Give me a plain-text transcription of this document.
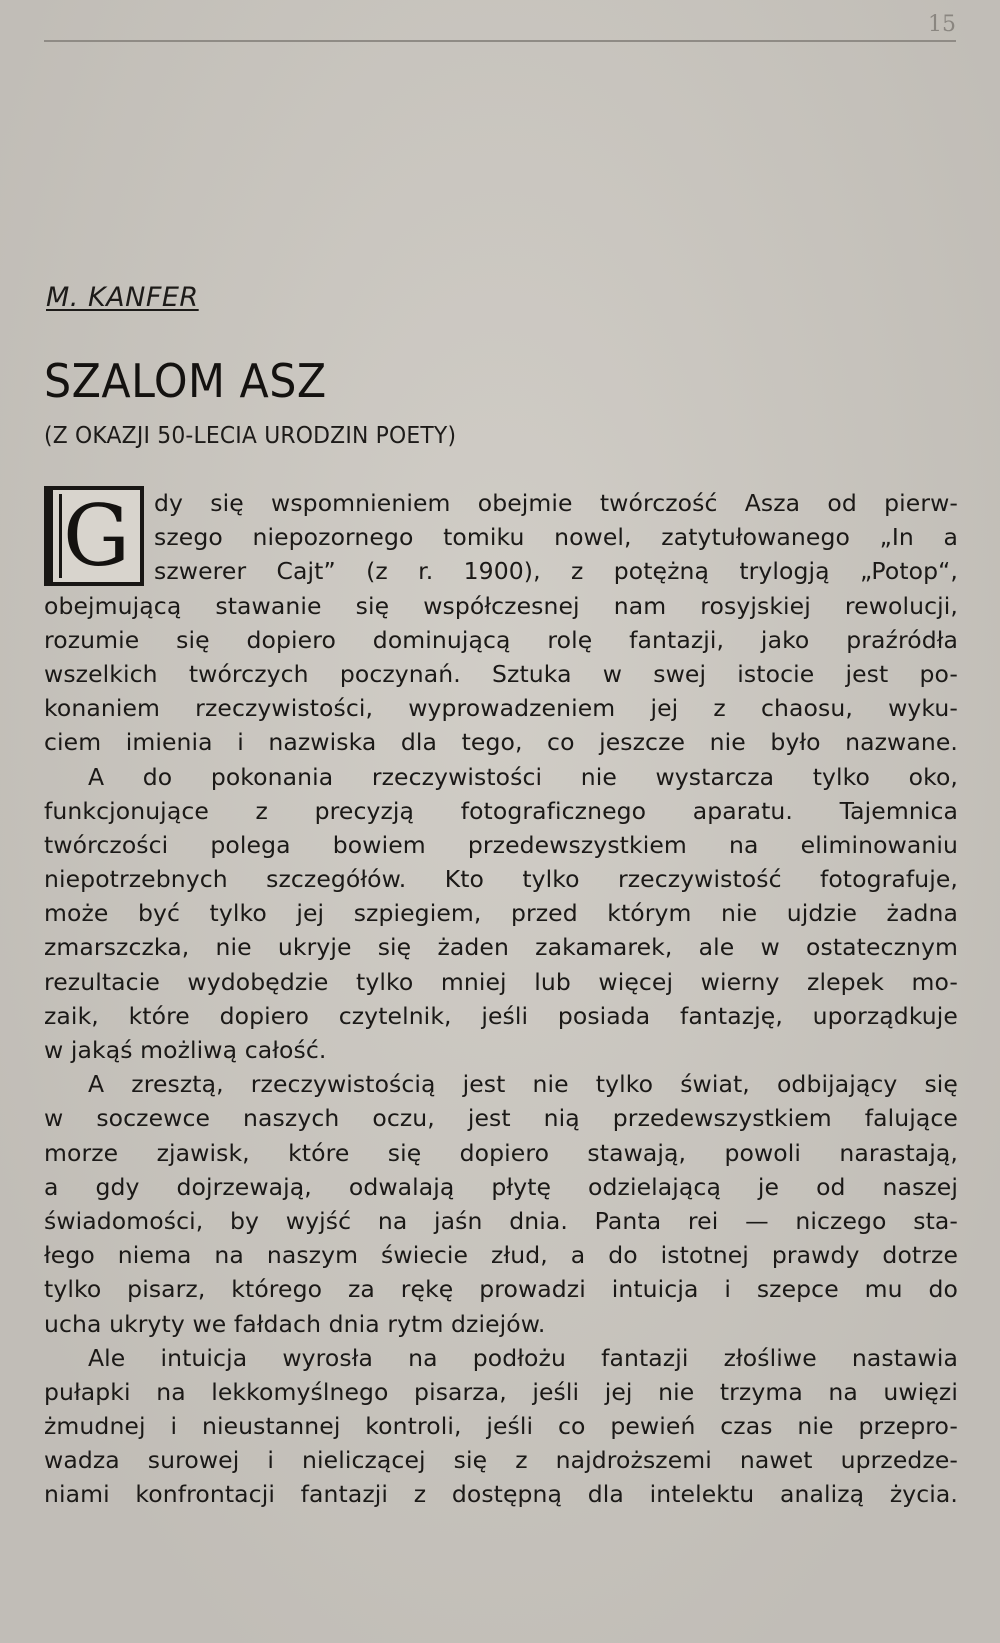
15
M. KANFER
SZALOM ASZ
(Z OKAZJI 50-LECIA URODZIN POETY)
G	dy się wspomnieniem obejmie twórczość Asza od pierw-
szego niepozornego tomiku nowel, zatytułowanego „In a
szwerer Cajt” (z r. 1900), z potężną trylogją „Potop“,
obejmującą stawanie się współczesnej nam rosyjskiej rewolucji,
rozumie się dopiero dominującą rolę fantazji, jako praźródła
wszelkich twórczych poczynań. Sztuka w swej istocie jest po-
konaniem rzeczywistości, wyprowadzeniem jej z chaosu, wyku-
ciem imienia i nazwiska dla tego, co jeszcze nie było nazwane.
A do pokonania rzeczywistości nie wystarcza tylko oko,
funkcjonujące z precyzją fotograficznego aparatu. Tajemnica
twórczości polega bowiem przedewszystkiem na eliminowaniu
niepotrzebnych szczegółów. Kto tylko rzeczywistość fotografuje,
może być tylko jej szpiegiem, przed którym nie ujdzie żadna
zmarszczka, nie ukryje się żaden zakamarek, ale w ostatecznym
rezultacie wydobędzie tylko mniej lub więcej wierny zlepek mo-
zaik, które dopiero czytelnik, jeśli posiada fantazję, uporządkuje
w jakąś możliwą całość.
A zresztą, rzeczywistością jest nie tylko świat, odbijający się
w soczewce naszych oczu, jest nią przedewszystkiem falujące
morze zjawisk, które się dopiero stawają, powoli narastają,
a gdy dojrzewają, odwalają płytę odzielającą je od naszej
świadomości, by wyjść na jaśn dnia. Panta rei — niczego sta-
łego niema na naszym świecie złud, a do istotnej prawdy dotrze
tylko pisarz, którego za rękę prowadzi intuicja i szepce mu do
ucha ukryty we fałdach dnia rytm dziejów.
Ale intuicja wyrosła na podłożu fantazji złośliwe nastawia
pułapki na lekkomyślnego pisarza, jeśli jej nie trzyma na uwięzi
żmudnej i nieustannej kontroli, jeśli co pewień czas nie przepro-
wadza surowej i nieliczącej się z najdroższemi nawet uprzedze-
niami konfrontacji fantazji z dostępną dla intelektu analizą życia.
